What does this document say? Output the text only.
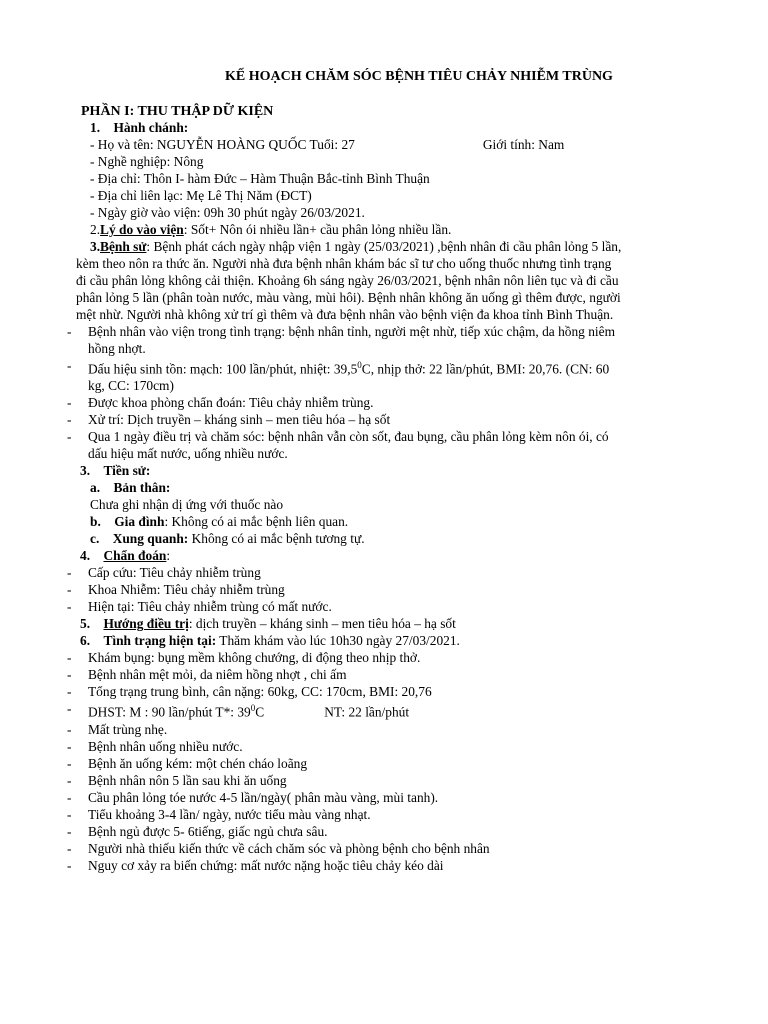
KẾ HOẠCH CHĂM SÓC BỆNH TIÊU CHẢY NHIỄM TRÙNG
PHẦN I: THU THẬP DỮ KIỆN
1. Hành chánh:
- Họ và tên: NGUYỄN HOÀNG QUỐC Tuổi: 27	Giới tính: Nam
- Nghề nghiệp: Nông
- Địa chỉ: Thôn I- hàm Đức – Hàm Thuận Bắc-tỉnh Bình Thuận
- Địa chỉ liên lạc: Mẹ Lê Thị Năm (ĐCT)
- Ngày giờ vào viện: 09h 30 phút ngày 26/03/2021.
2.Lý do vào viện: Sốt+ Nôn ói nhiều lần+ cầu phân lỏng nhiều lần.
3.Bệnh sử: Bệnh phát cách ngày nhập viện 1 ngày (25/03/2021) ,bệnh nhân đi cầu phân lỏng 5 lần,
kèm theo nôn ra thức ăn. Người nhà đưa bệnh nhân khám bác sĩ tư cho uống thuốc nhưng tình trạng
đi cầu phân lỏng không cải thiện. Khoảng 6h sáng ngày 26/03/2021, bệnh nhân nôn liên tục và đi cầu
phân lỏng 5 lần (phân toàn nước, màu vàng, mùi hôi). Bệnh nhân không ăn uống gì thêm được, người
mệt nhừ. Người nhà không xử trí gì thêm và đưa bệnh nhân vào bệnh viện đa khoa tỉnh Bình Thuận.
-	Bệnh nhân vào viện trong tình trạng: bệnh nhân tỉnh, người mệt nhừ, tiếp xúc chậm, da hồng niêm
hồng nhợt.
-	Dấu hiệu sinh tồn: mạch: 100 lần/phút, nhiệt: 39,5$^0$C, nhịp thở: 22 lần/phút, BMI: 20,76. (CN: 60
kg, CC: 170cm)
-	Được khoa phòng chẩn đoán: Tiêu chảy nhiễm trùng.
-	Xử trí: Dịch truyền – kháng sinh – men tiêu hóa – hạ sốt
-	Qua 1 ngày điều trị và chăm sóc: bệnh nhân vẫn còn sốt, đau bụng, cầu phân lỏng kèm nôn ói, có
dấu hiệu mất nước, uống nhiều nước.
3. Tiền sử:
a. Bản thân:
Chưa ghi nhận dị ứng với thuốc nào
b. Gia đình: Không có ai mắc bệnh liên quan.
c. Xung quanh: Không có ai mắc bệnh tương tự.
4. Chẩn đoán:
-	Cấp cứu: Tiêu chảy nhiễm trùng
-	Khoa Nhiễm: Tiêu chảy nhiễm trùng
-	Hiện tại: Tiêu chảy nhiễm trùng có mất nước.
5. Hướng điều trị: dịch truyền – kháng sinh – men tiêu hóa – hạ sốt
6. Tình trạng hiện tại: Thăm khám vào lúc 10h30 ngày 27/03/2021.
-	Khám bụng: bụng mềm không chướng, di động theo nhịp thở.
-	Bệnh nhân mệt mỏi, da niêm hồng nhợt , chi ấm
-	Tổng trạng trung bình, cân nặng: 60kg, CC: 170cm, BMI: 20,76
-	DHST: M : 90 lần/phút T*: $39^0C$	NT: 22 lần/phút
-	Mất trùng nhẹ.
-	Bệnh nhân uống nhiều nước.
-	Bệnh ăn uống kém: một chén cháo loãng
-	Bệnh nhân nôn 5 lần sau khi ăn uống
-	Cầu phân lỏng tóe nước 4-5 lần/ngày( phân màu vàng, mùi tanh).
-	Tiểu khoảng 3-4 lần/ ngày, nước tiểu màu vàng nhạt.
-	Bệnh ngủ được 5- 6tiếng, giấc ngủ chưa sâu.
-	Người nhà thiếu kiến thức về cách chăm sóc và phòng bệnh cho bệnh nhân
-	Nguy cơ xảy ra biến chứng: mất nước nặng hoặc tiêu chảy kéo dài
